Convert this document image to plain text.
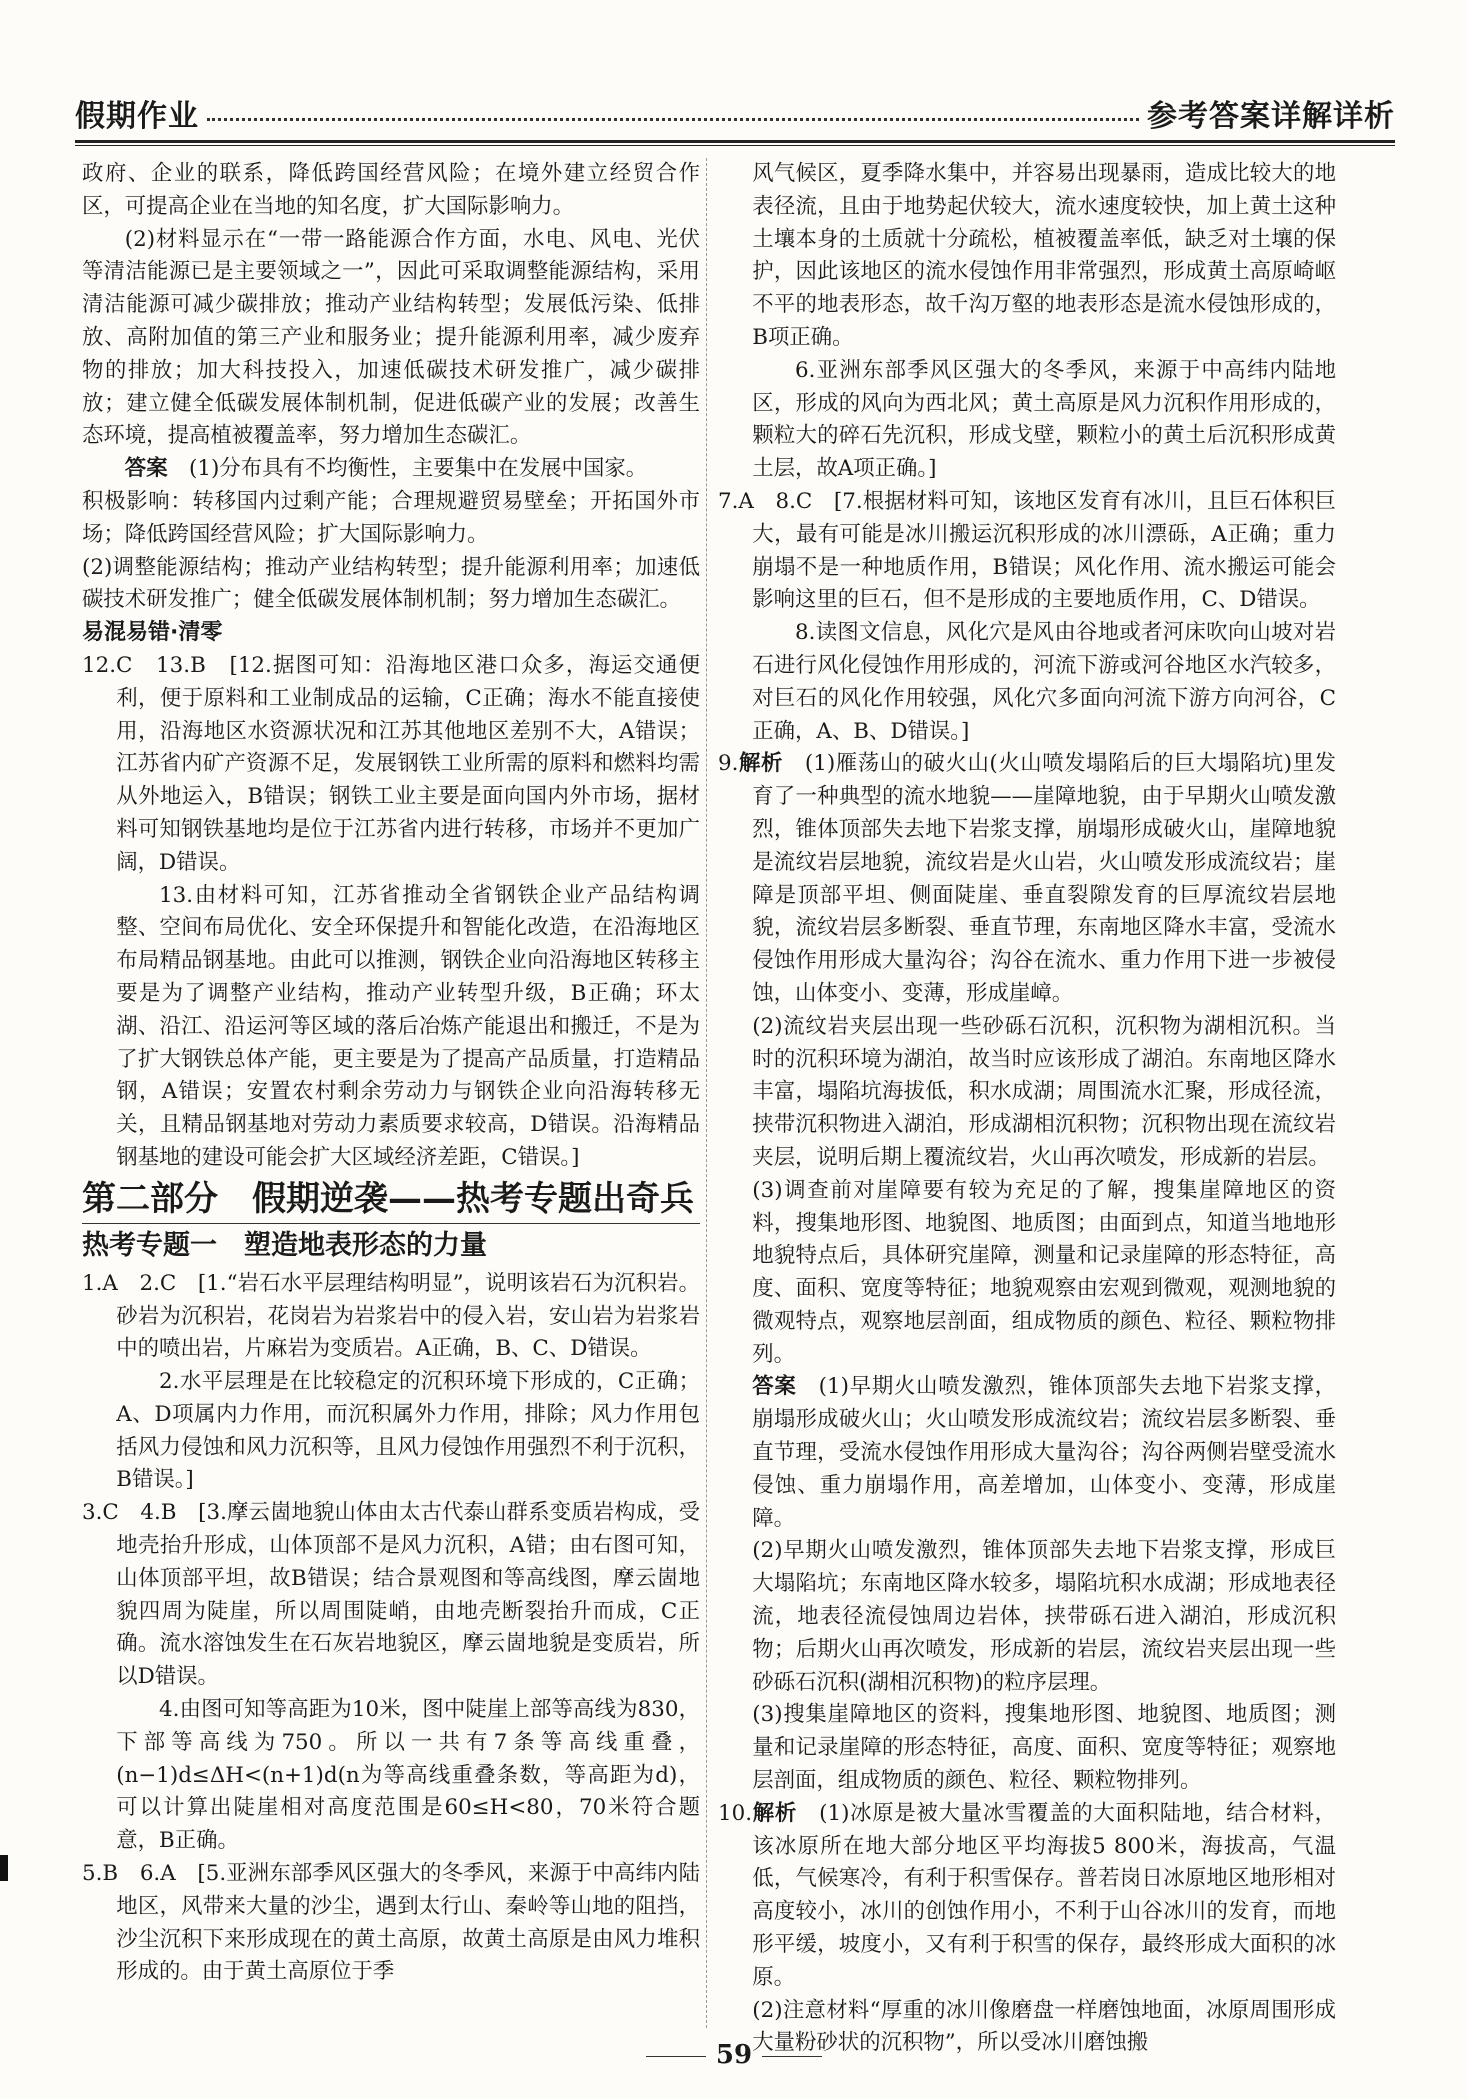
假期作业	参考答案详解详析

政府、企业的联系，降低跨国经营风险；在境外建立经贸合作区，可提高企业在当地的知名度，扩大国际影响力。

(2)材料显示在“一带一路能源合作方面，水电、风电、光伏等清洁能源已是主要领域之一”，因此可采取调整能源结构，采用清洁能源可减少碳排放；推动产业结构转型；发展低污染、低排放、高附加值的第三产业和服务业；提升能源利用率，减少废弃物的排放；加大科技投入，加速低碳技术研发推广，减少碳排放；建立健全低碳发展体制机制，促进低碳产业的发展；改善生态环境，提高植被覆盖率，努力增加生态碳汇。

答案　 (1)分布具有不均衡性，主要集中在发展中国家。

积极影响：转移国内过剩产能；合理规避贸易壁垒；开拓国外市场；降低跨国经营风险；扩大国际影响力。

(2)调整能源结构；推动产业结构转型；提升能源利用率；加速低碳技术研发推广；健全低碳发展体制机制；努力增加生态碳汇。

易混易错·清零

12.C　13.B　[12.据图可知：沿海地区港口众多，海运交通便利，便于原料和工业制成品的运输，C正确；海水不能直接使用，沿海地区水资源状况和江苏其他地区差别不大，A错误；江苏省内矿产资源不足，发展钢铁工业所需的原料和燃料均需从外地运入，B错误；钢铁工业主要是面向国内外市场，据材料可知钢铁基地均是位于江苏省内进行转移，市场并不更加广阔，D错误。

13.由材料可知，江苏省推动全省钢铁企业产品结构调整、空间布局优化、安全环保提升和智能化改造，在沿海地区布局精品钢基地。由此可以推测，钢铁企业向沿海地区转移主要是为了调整产业结构，推动产业转型升级，B正确；环太湖、沿江、沿运河等区域的落后冶炼产能退出和搬迁，不是为了扩大钢铁总体产能，更主要是为了提高产品质量，打造精品钢，A错误；安置农村剩余劳动力与钢铁企业向沿海转移无关，且精品钢基地对劳动力素质要求较高，D错误。沿海精品钢基地的建设可能会扩大区域经济差距，C错误。]

第二部分　假期逆袭——热考专题出奇兵

热考专题一　塑造地表形态的力量

1.A　2.C　[1.“岩石水平层理结构明显”，说明该岩石为沉积岩。砂岩为沉积岩，花岗岩为岩浆岩中的侵入岩，安山岩为岩浆岩中的喷出岩，片麻岩为变质岩。A正确，B、C、D错误。

2.水平层理是在比较稳定的沉积环境下形成的，C正确；A、D项属内力作用，而沉积属外力作用，排除；风力作用包括风力侵蚀和风力沉积等，且风力侵蚀作用强烈不利于沉积，B错误。]

3.C　4.B　[3.摩云崮地貌山体由太古代泰山群系变质岩构成，受地壳抬升形成，山体顶部不是风力沉积，A错；由右图可知，山体顶部平坦，故B错误；结合景观图和等高线图，摩云崮地貌四周为陡崖，所以周围陡峭，由地壳断裂抬升而成，C正确。流水溶蚀发生在石灰岩地貌区，摩云崮地貌是变质岩，所以D错误。

4.由图可知等高距为10米，图中陡崖上部等高线为830，下部等高线为750。所以一共有7条等高线重叠，(n−1)d≤ΔH<(n+1)d(n为等高线重叠条数，等高距为d)，可以计算出陡崖相对高度范围是60≤H<80，70米符合题意，B正确。

5.B　6.A　[5.亚洲东部季风区强大的冬季风，来源于中高纬内陆地区，风带来大量的沙尘，遇到太行山、秦岭等山地的阻挡，沙尘沉积下来形成现在的黄土高原，故黄土高原是由风力堆积形成的。由于黄土高原位于季

风气候区，夏季降水集中，并容易出现暴雨，造成比较大的地表径流，且由于地势起伏较大，流水速度较快，加上黄土这种土壤本身的土质就十分疏松，植被覆盖率低，缺乏对土壤的保护，因此该地区的流水侵蚀作用非常强烈，形成黄土高原崎岖不平的地表形态，故千沟万壑的地表形态是流水侵蚀形成的，B项正确。

6.亚洲东部季风区强大的冬季风，来源于中高纬内陆地区，形成的风向为西北风；黄土高原是风力沉积作用形成的，颗粒大的碎石先沉积，形成戈壁，颗粒小的黄土后沉积形成黄土层，故A项正确。]

7.A　8.C　[7.根据材料可知，该地区发育有冰川，且巨石体积巨大，最有可能是冰川搬运沉积形成的冰川漂砾，A正确；重力崩塌不是一种地质作用，B错误；风化作用、流水搬运可能会影响这里的巨石，但不是形成的主要地质作用，C、D错误。

8.读图文信息，风化穴是风由谷地或者河床吹向山坡对岩石进行风化侵蚀作用形成的，河流下游或河谷地区水汽较多，对巨石的风化作用较强，风化穴多面向河流下游方向河谷，C正确，A、B、D错误。]

9.解析　 (1)雁荡山的破火山(火山喷发塌陷后的巨大塌陷坑)里发育了一种典型的流水地貌——崖障地貌，由于早期火山喷发激烈，锥体顶部失去地下岩浆支撑，崩塌形成破火山，崖障地貌是流纹岩层地貌，流纹岩是火山岩，火山喷发形成流纹岩；崖障是顶部平坦、侧面陡崖、垂直裂隙发育的巨厚流纹岩层地貌，流纹岩层多断裂、垂直节理，东南地区降水丰富，受流水侵蚀作用形成大量沟谷；沟谷在流水、重力作用下进一步被侵蚀，山体变小、变薄，形成崖嶂。

(2)流纹岩夹层出现一些砂砾石沉积，沉积物为湖相沉积。当时的沉积环境为湖泊，故当时应该形成了湖泊。东南地区降水丰富，塌陷坑海拔低，积水成湖；周围流水汇聚，形成径流，挟带沉积物进入湖泊，形成湖相沉积物；沉积物出现在流纹岩夹层，说明后期上覆流纹岩，火山再次喷发，形成新的岩层。

(3)调查前对崖障要有较为充足的了解，搜集崖障地区的资料，搜集地形图、地貌图、地质图；由面到点，知道当地地形地貌特点后，具体研究崖障，测量和记录崖障的形态特征，高度、面积、宽度等特征；地貌观察由宏观到微观，观测地貌的微观特点，观察地层剖面，组成物质的颜色、粒径、颗粒物排列。

答案　 (1)早期火山喷发激烈，锥体顶部失去地下岩浆支撑，崩塌形成破火山；火山喷发形成流纹岩；流纹岩层多断裂、垂直节理，受流水侵蚀作用形成大量沟谷；沟谷两侧岩壁受流水侵蚀、重力崩塌作用，高差增加，山体变小、变薄，形成崖障。

(2)早期火山喷发激烈，锥体顶部失去地下岩浆支撑，形成巨大塌陷坑；东南地区降水较多，塌陷坑积水成湖；形成地表径流，地表径流侵蚀周边岩体，挟带砾石进入湖泊，形成沉积物；后期火山再次喷发，形成新的岩层，流纹岩夹层出现一些砂砾石沉积(湖相沉积物)的粒序层理。

(3)搜集崖障地区的资料，搜集地形图、地貌图、地质图；测量和记录崖障的形态特征，高度、面积、宽度等特征；观察地层剖面，组成物质的颜色、粒径、颗粒物排列。

10.解析　 (1)冰原是被大量冰雪覆盖的大面积陆地，结合材料，该冰原所在地大部分地区平均海拔5 800米，海拔高，气温低，气候寒冷，有利于积雪保存。普若岗日冰原地区地形相对高度较小，冰川的创蚀作用小，不利于山谷冰川的发育，而地形平缓，坡度小，又有利于积雪的保存，最终形成大面积的冰原。

(2)注意材料“厚重的冰川像磨盘一样磨蚀地面，冰原周围形成大量粉砂状的沉积物”，所以受冰川磨蚀搬

59
